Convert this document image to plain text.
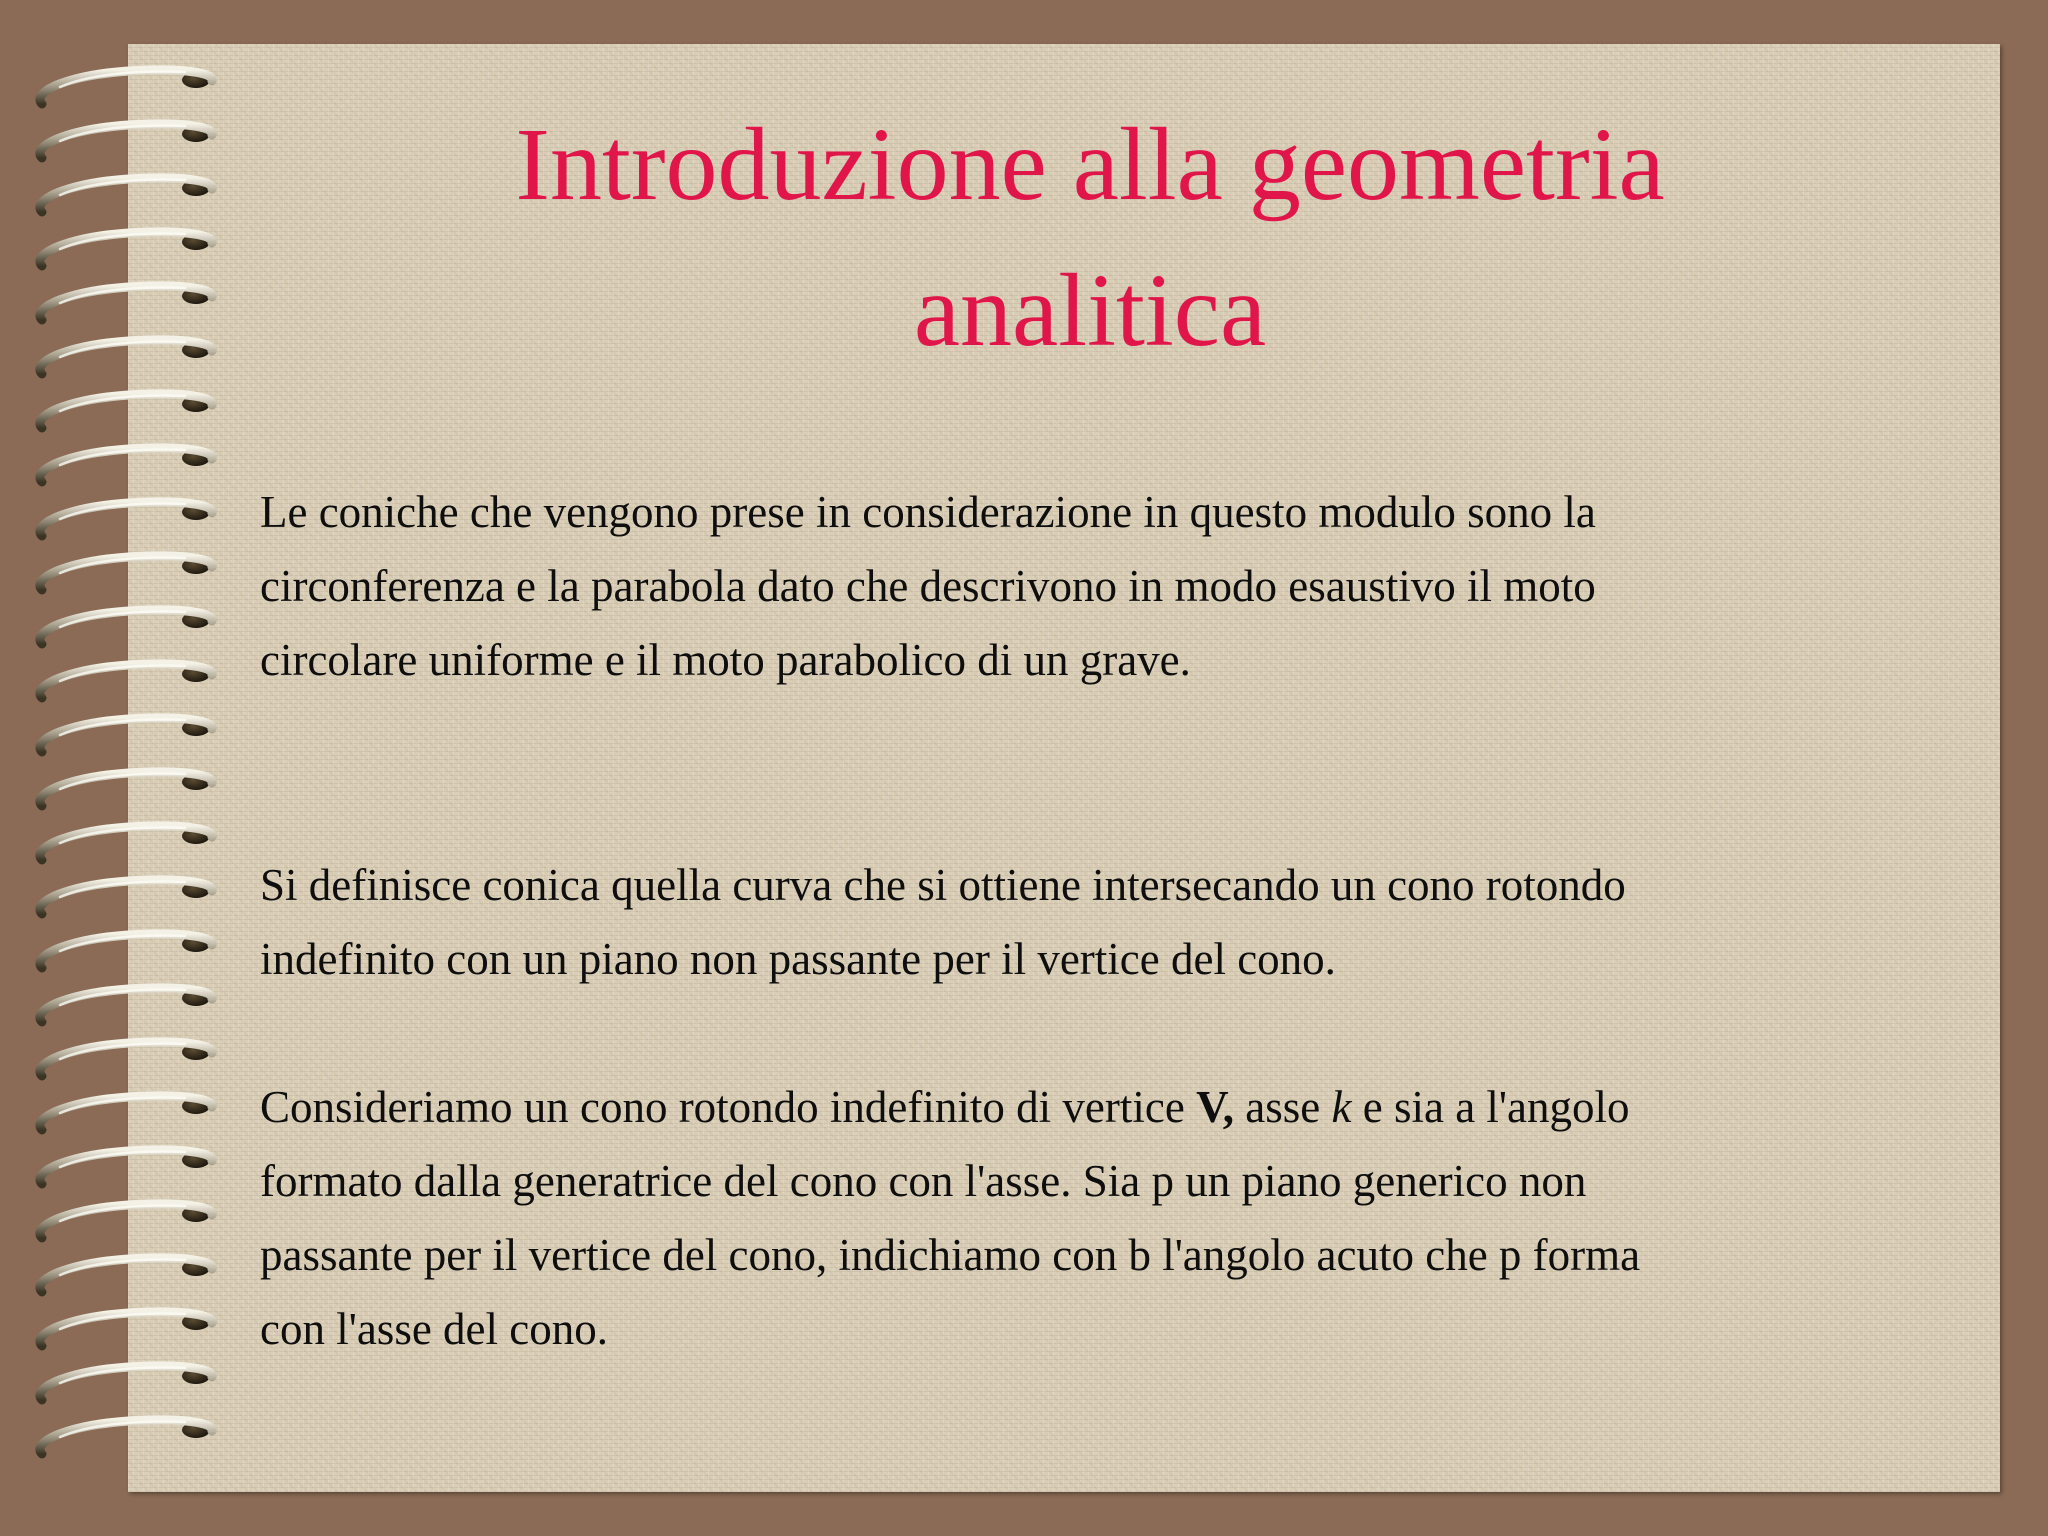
Introduzione alla geometria
analitica

Le coniche che vengono prese in considerazione in questo modulo sono la
circonferenza e la parabola dato che descrivono in modo esaustivo il moto
circolare uniforme e il moto parabolico di un grave.

Si definisce conica quella curva che si ottiene intersecando un cono rotondo
indefinito con un piano non passante per il vertice del cono.

Consideriamo un cono rotondo indefinito di vertice V, asse k e sia a l'angolo
formato dalla generatrice del cono con l'asse. Sia p un piano generico non
passante per il vertice del cono, indichiamo con b l'angolo acuto che p forma
con l'asse del cono.
